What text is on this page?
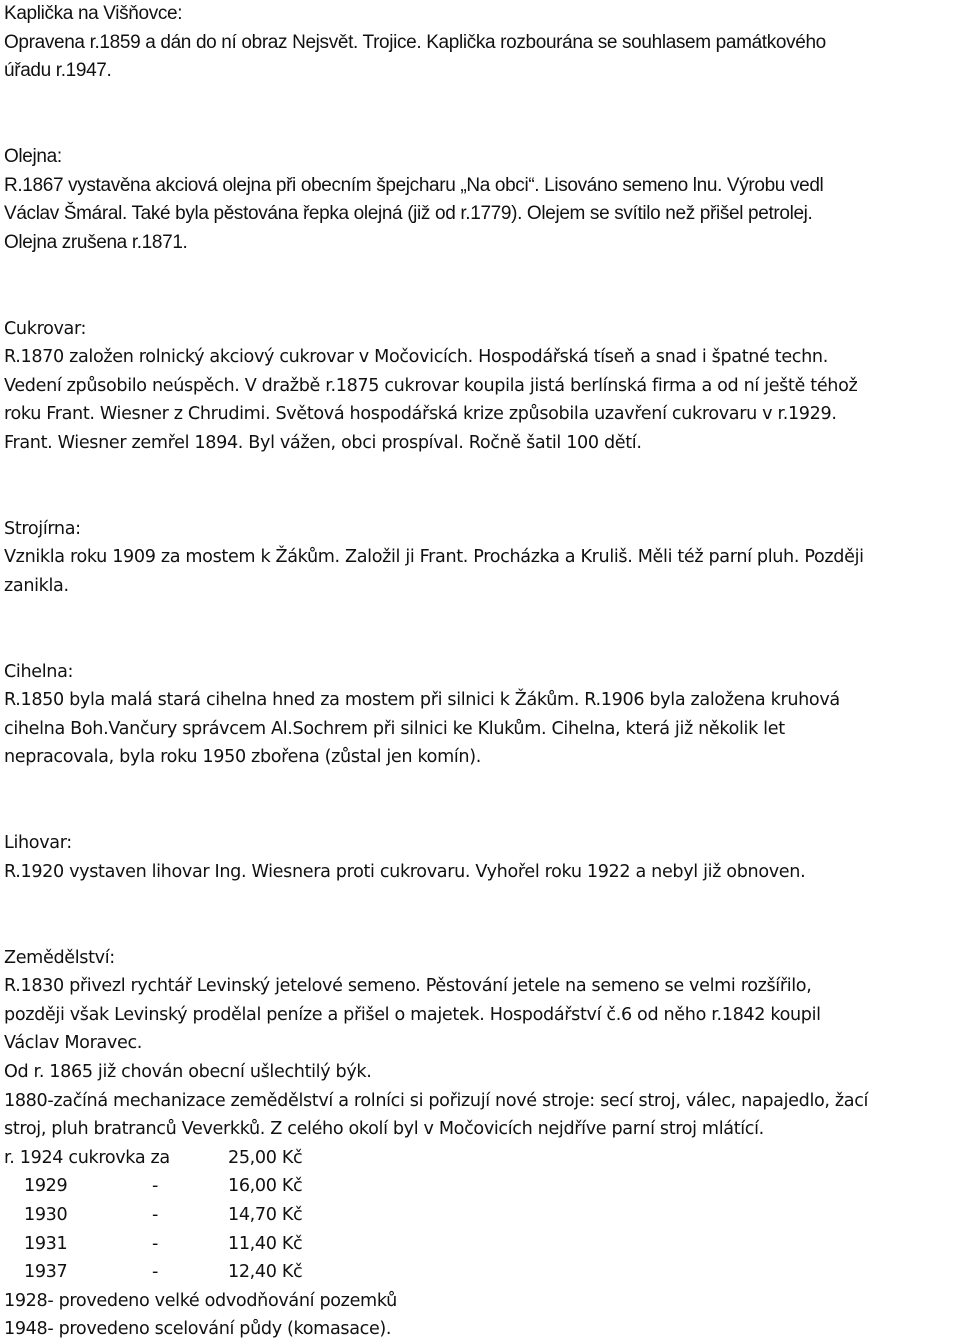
Kaplička na Višňovce:
Opravena r.1859 a dán do ní obraz Nejsvět. Trojice. Kaplička rozbourána se souhlasem památkového
úřadu r.1947.
Olejna:
R.1867 vystavěna akciová olejna při obecním špejcharu „Na obci“. Lisováno semeno lnu. Výrobu vedl
Václav Šmáral. Také byla pěstována řepka olejná (již od r.1779). Olejem se svítilo než přišel petrolej.
Olejna zrušena r.1871.
Cukrovar:
R.1870 založen rolnický akciový cukrovar v Močovicích. Hospodářská tíseň a snad i špatné techn.
Vedení způsobilo neúspěch. V dražbě r.1875 cukrovar koupila jistá berlínská firma a od ní ještě téhož
roku Frant. Wiesner z Chrudimi. Světová hospodářská krize způsobila uzavření cukrovaru v r.1929.
Frant. Wiesner zemřel 1894. Byl vážen, obci prospíval. Ročně šatil 100 dětí.
Strojírna:
Vznikla roku 1909 za mostem k Žákům. Založil ji Frant. Procházka a Kruliš. Měli též parní pluh. Později
zanikla.
Cihelna:
R.1850 byla malá stará cihelna hned za mostem při silnici k Žákům. R.1906 byla založena kruhová
cihelna Boh.Vančury správcem Al.Sochrem při silnici ke Klukům. Cihelna, která již několik let
nepracovala, byla roku 1950 zbořena (zůstal jen komín).
Lihovar:
R.1920 vystaven lihovar Ing. Wiesnera proti cukrovaru. Vyhořel roku 1922 a nebyl již obnoven.
Zemědělství:
R.1830 přivezl rychtář Levinský jetelové semeno. Pěstování jetele na semeno se velmi rozšířilo,
později však Levinský prodělal peníze a přišel o majetek. Hospodářství č.6 od něho r.1842 koupil
Václav Moravec.
Od r. 1865 již chován obecní ušlechtilý býk.
1880-začíná mechanizace zemědělství a rolníci si pořizují nové stroje: secí stroj, válec, napajedlo, žací
stroj, pluh bratranců Veverkků. Z celého okolí byl v Močovicích nejdříve parní stroj mlátící.
r. 1924 cukrovka za	25,00 Kč
1929	-	16,00 Kč
1930	-	14,70 Kč
1931	-	11,40 Kč
1937	-	12,40 Kč
1928- provedeno velké odvodňování pozemků
1948- provedeno scelování půdy (komasace).
